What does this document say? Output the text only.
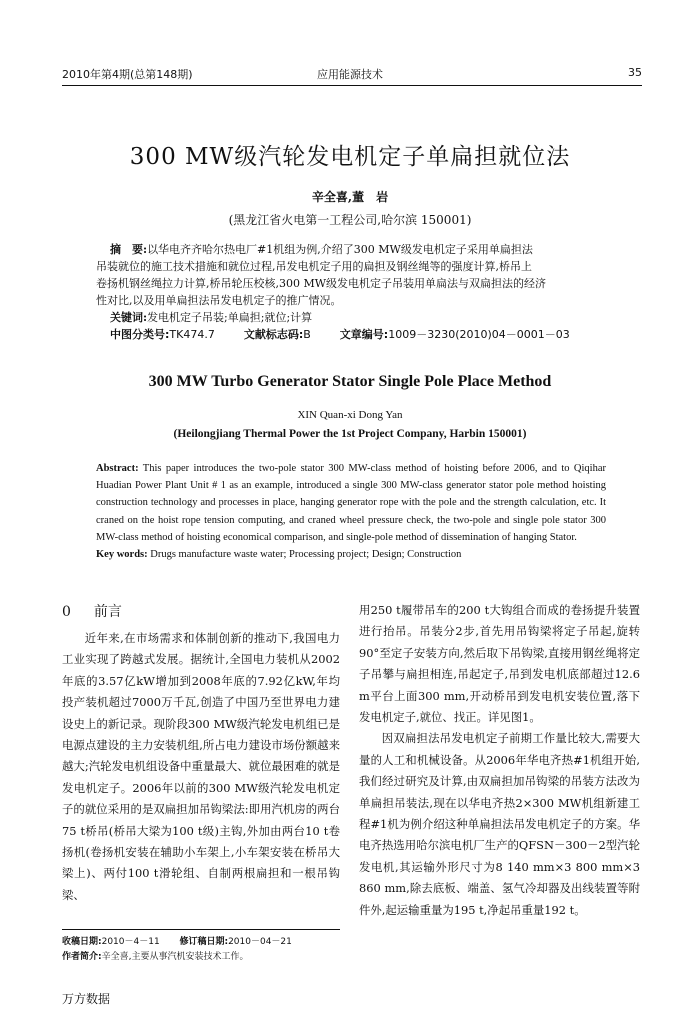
2010年第4期(总第148期)	应用能源技术	35
300 MW级汽轮发电机定子单扁担就位法
辛全喜,董　岩
(黑龙江省火电第一工程公司,哈尔滨 150001)
摘　要:以华电齐齐哈尔热电厂#1机组为例,介绍了300 MW级发电机定子采用单扁担法
吊装就位的施工技术措施和就位过程,吊发电机定子用的扁担及钢丝绳等的强度计算,桥吊上
卷扬机钢丝绳拉力计算,桥吊轮压校核,300 MW级发电机定子吊装用单扁法与双扁担法的经济
性对比,以及用单扁担法吊发电机定子的推广情况。
关键词:发电机定子吊装;单扁担;就位;计算
中图分类号:TK474.7	文献标志码:B	文章编号:1009－3230(2010)04－0001－03
300 MW Turbo Generator Stator Single Pole Place Method
XIN Quan-xi Dong Yan
(Heilongjiang Thermal Power the 1st Project Company, Harbin 150001)
Abstract: This paper introduces the two-pole stator 300 MW-class method of hoisting before 2006, and to Qiqihar Huadian Power Plant Unit # 1 as an example, introduced a single 300 MW-class generator stator pole method hoisting construction technology and processes in place, hanging generator rope with the pole and the strength calculation, etc. It craned on the hoist rope tension computing, and craned wheel pressure check, the two-pole and single pole stator 300 MW-class method of hoisting economical comparison, and single-pole method of dissemination of hanging Stator.
Key words: Drugs manufacture waste water; Processing project; Design; Construction
0 前言

近年来,在市场需求和体制创新的推动下,我国电力工业实现了跨越式发展。据统计,全国电力装机从2002年底的3.57亿kW增加到2008年底的7.92亿kW,年均投产装机超过7000万千瓦,创造了中国乃至世界电力建设史上的新记录。现阶段300 MW级汽轮发电机组已是电源点建设的主力安装机组,所占电力建设市场份额越来越大;汽轮发电机组设备中重量最大、就位最困难的就是发电机定子。2006年以前的300 MW级汽轮发电机定子的就位采用的是双扁担加吊钩梁法:即用汽机房的两台75 t桥吊(桥吊大梁为100 t级)主钩,外加由两台10 t卷扬机(卷扬机安装在辅助小车架上,小车架安装在桥吊大梁上)、两付100 t滑轮组、自制两根扁担和一根吊钩梁、

收稿日期:2010－4－11 修订稿日期:2010－04－21
作者简介:辛全喜,主要从事汽机安装技术工作。

用250 t履带吊车的200 t大钩组合而成的卷扬提升装置进行抬吊。吊装分2步,首先用吊钩梁将定子吊起,旋转90°至定子安装方向,然后取下吊钩梁,直接用钢丝绳将定子吊攀与扁担相连,吊起定子,吊到发电机底部超过12.6 m平台上面300 mm,开动桥吊到发电机安装位置,落下发电机定子,就位、找正。详见图1。

因双扁担法吊发电机定子前期工作量比较大,需要大量的人工和机械设备。从2006年华电齐热#1机组开始,我们经过研究及计算,由双扁担加吊钩梁的吊装方法改为单扁担吊装法,现在以华电齐热2×300 MW机组新建工程#1机为例介绍这种单扁担法吊发电机定子的方案。华电齐热选用哈尔滨电机厂生产的QFSN－300－2型汽轮发电机,其运输外形尺寸为8 140 mm×3 800 mm×3 860 mm,除去底板、端盖、氢气冷却器及出线装置等附件外,起运输重量为195 t,净起吊重量192 t。

万方数据
